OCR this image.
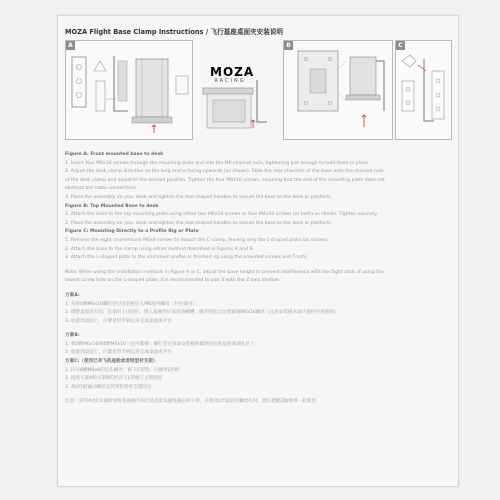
MOZA Flight Base Clamp Instructions / 飞行基座桌面夹安装说明
A	B	C
MOZA
RACING
Figure A: Front mounted base to desk
1. Insert four M6x16 screws through the mounting plate and into the M6 channel nuts, tightening just enough to hold them in place.
2. Adjust the desk clamp direction so the long end is facing upwards (as shown). Slide the rear channels of the base onto the channel nuts
of the desk clamp and adjust to the desired position. Tighten the four M6x16 screws, ensuring that the end of the mounting plate does not
obstruct the cable connections.
3. Place the assembly on your desk and tighten the star-shaped handles to secure the base to the desk or platform.
Figure B: Top Mounted Base to desk
1. Attach the base to the top mounting plate using either two M6x10 screws or four M4x10 screws (or both) as shown. Tighten securely.
2. Place the assembly on your desk and tighten the star-shaped handles to secure the base to the desk or platform.
Figure C: Mounting Directly to a Profile Rig or Plate
1. Remove the eight countersunk M6x8 screws to detach the C-clamp, leaving only the L-shaped plate (as shown).
2. Attach the base to the clamp using either method described in Figures A and B.
3. Attach the L-shaped plate to the aluminum profile or finished rig using the provided screws and T-nuts.
Note: When using the installation methods in Figure A or C, adjust the base height to prevent interference with the flight stick. If using the
lowest screw hole on the L-shaped plate, it is recommended to pair it with the Z-axis module.
方案A:
1. 先将4颗M6x16螺钉穿过安装板拧入M6滑块螺母（拧住即可）
2. 调整桌面夹方向，长端向上(如图），滑入基座的后部滑条螺槽，调节到适合位置紧固M6x16螺丝（注意安装板末端不要挡住连接线）
3. 放置到桌面上，拧紧星形手柄以来完成桌面或平台
方案B:
1. 将2颗M6x10或4颗M4x10（也可都锁）螺钉穿过顶面安装板锁紧到对应的基座底部孔位上
2. 放置到桌面上，拧紧星形手柄以来完成桌面或平台
方案C:（使用已有飞机座舱或者铝型材支架）
1. 拧开8颗M6x8的沉头螺丝，拆下C型钳，只使用L形板
2. 按照方案A和方案B的形式与L形板与主架固定
3. 将L形板通过螺丝安装到铝型材支架固定
注意：采用A或C方案时请将基座调节到合适高度以避免撞击杆干涉，在使用L形最底层螺丝孔时，建议搭配Z轴模组一起使用
